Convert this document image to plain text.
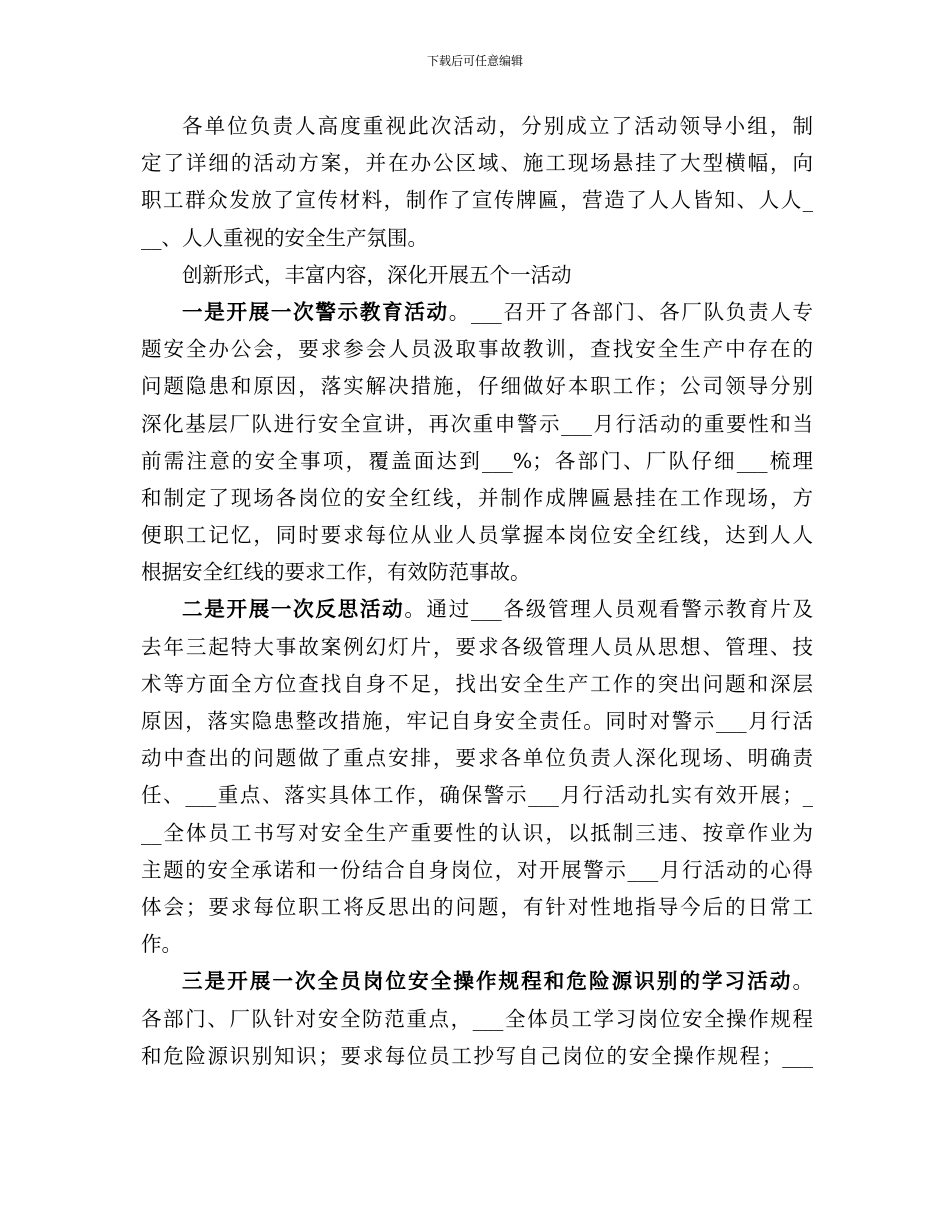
下载后可任意编辑
各单位负责人高度重视此次活动，分别成立了活动领导小组，制
定了详细的活动方案，并在办公区域、施工现场悬挂了大型横幅，向
职工群众发放了宣传材料，制作了宣传牌匾，营造了人人皆知、人人_
__、人人重视的安全生产氛围。
创新形式，丰富内容，深化开展五个一活动
一是开展一次警示教育活动。___召开了各部门、各厂队负责人专
题安全办公会，要求参会人员汲取事故教训，查找安全生产中存在的
问题隐患和原因，落实解决措施，仔细做好本职工作；公司领导分别
深化基层厂队进行安全宣讲，再次重申警示___月行活动的重要性和当
前需注意的安全事项，覆盖面达到___%；各部门、厂队仔细___梳理
和制定了现场各岗位的安全红线，并制作成牌匾悬挂在工作现场，方
便职工记忆，同时要求每位从业人员掌握本岗位安全红线，达到人人
根据安全红线的要求工作，有效防范事故。
二是开展一次反思活动。通过___各级管理人员观看警示教育片及
去年三起特大事故案例幻灯片，要求各级管理人员从思想、管理、技
术等方面全方位查找自身不足，找出安全生产工作的突出问题和深层
原因，落实隐患整改措施，牢记自身安全责任。同时对警示___月行活
动中查出的问题做了重点安排，要求各单位负责人深化现场、明确责
任、___重点、落实具体工作，确保警示___月行活动扎实有效开展；_
__全体员工书写对安全生产重要性的认识，以抵制三违、按章作业为
主题的安全承诺和一份结合自身岗位，对开展警示___月行活动的心得
体会；要求每位职工将反思出的问题，有针对性地指导今后的日常工
作。
三是开展一次全员岗位安全操作规程和危险源识别的学习活动。
各部门、厂队针对安全防范重点，___全体员工学习岗位安全操作规程
和危险源识别知识；要求每位员工抄写自己岗位的安全操作规程；___
